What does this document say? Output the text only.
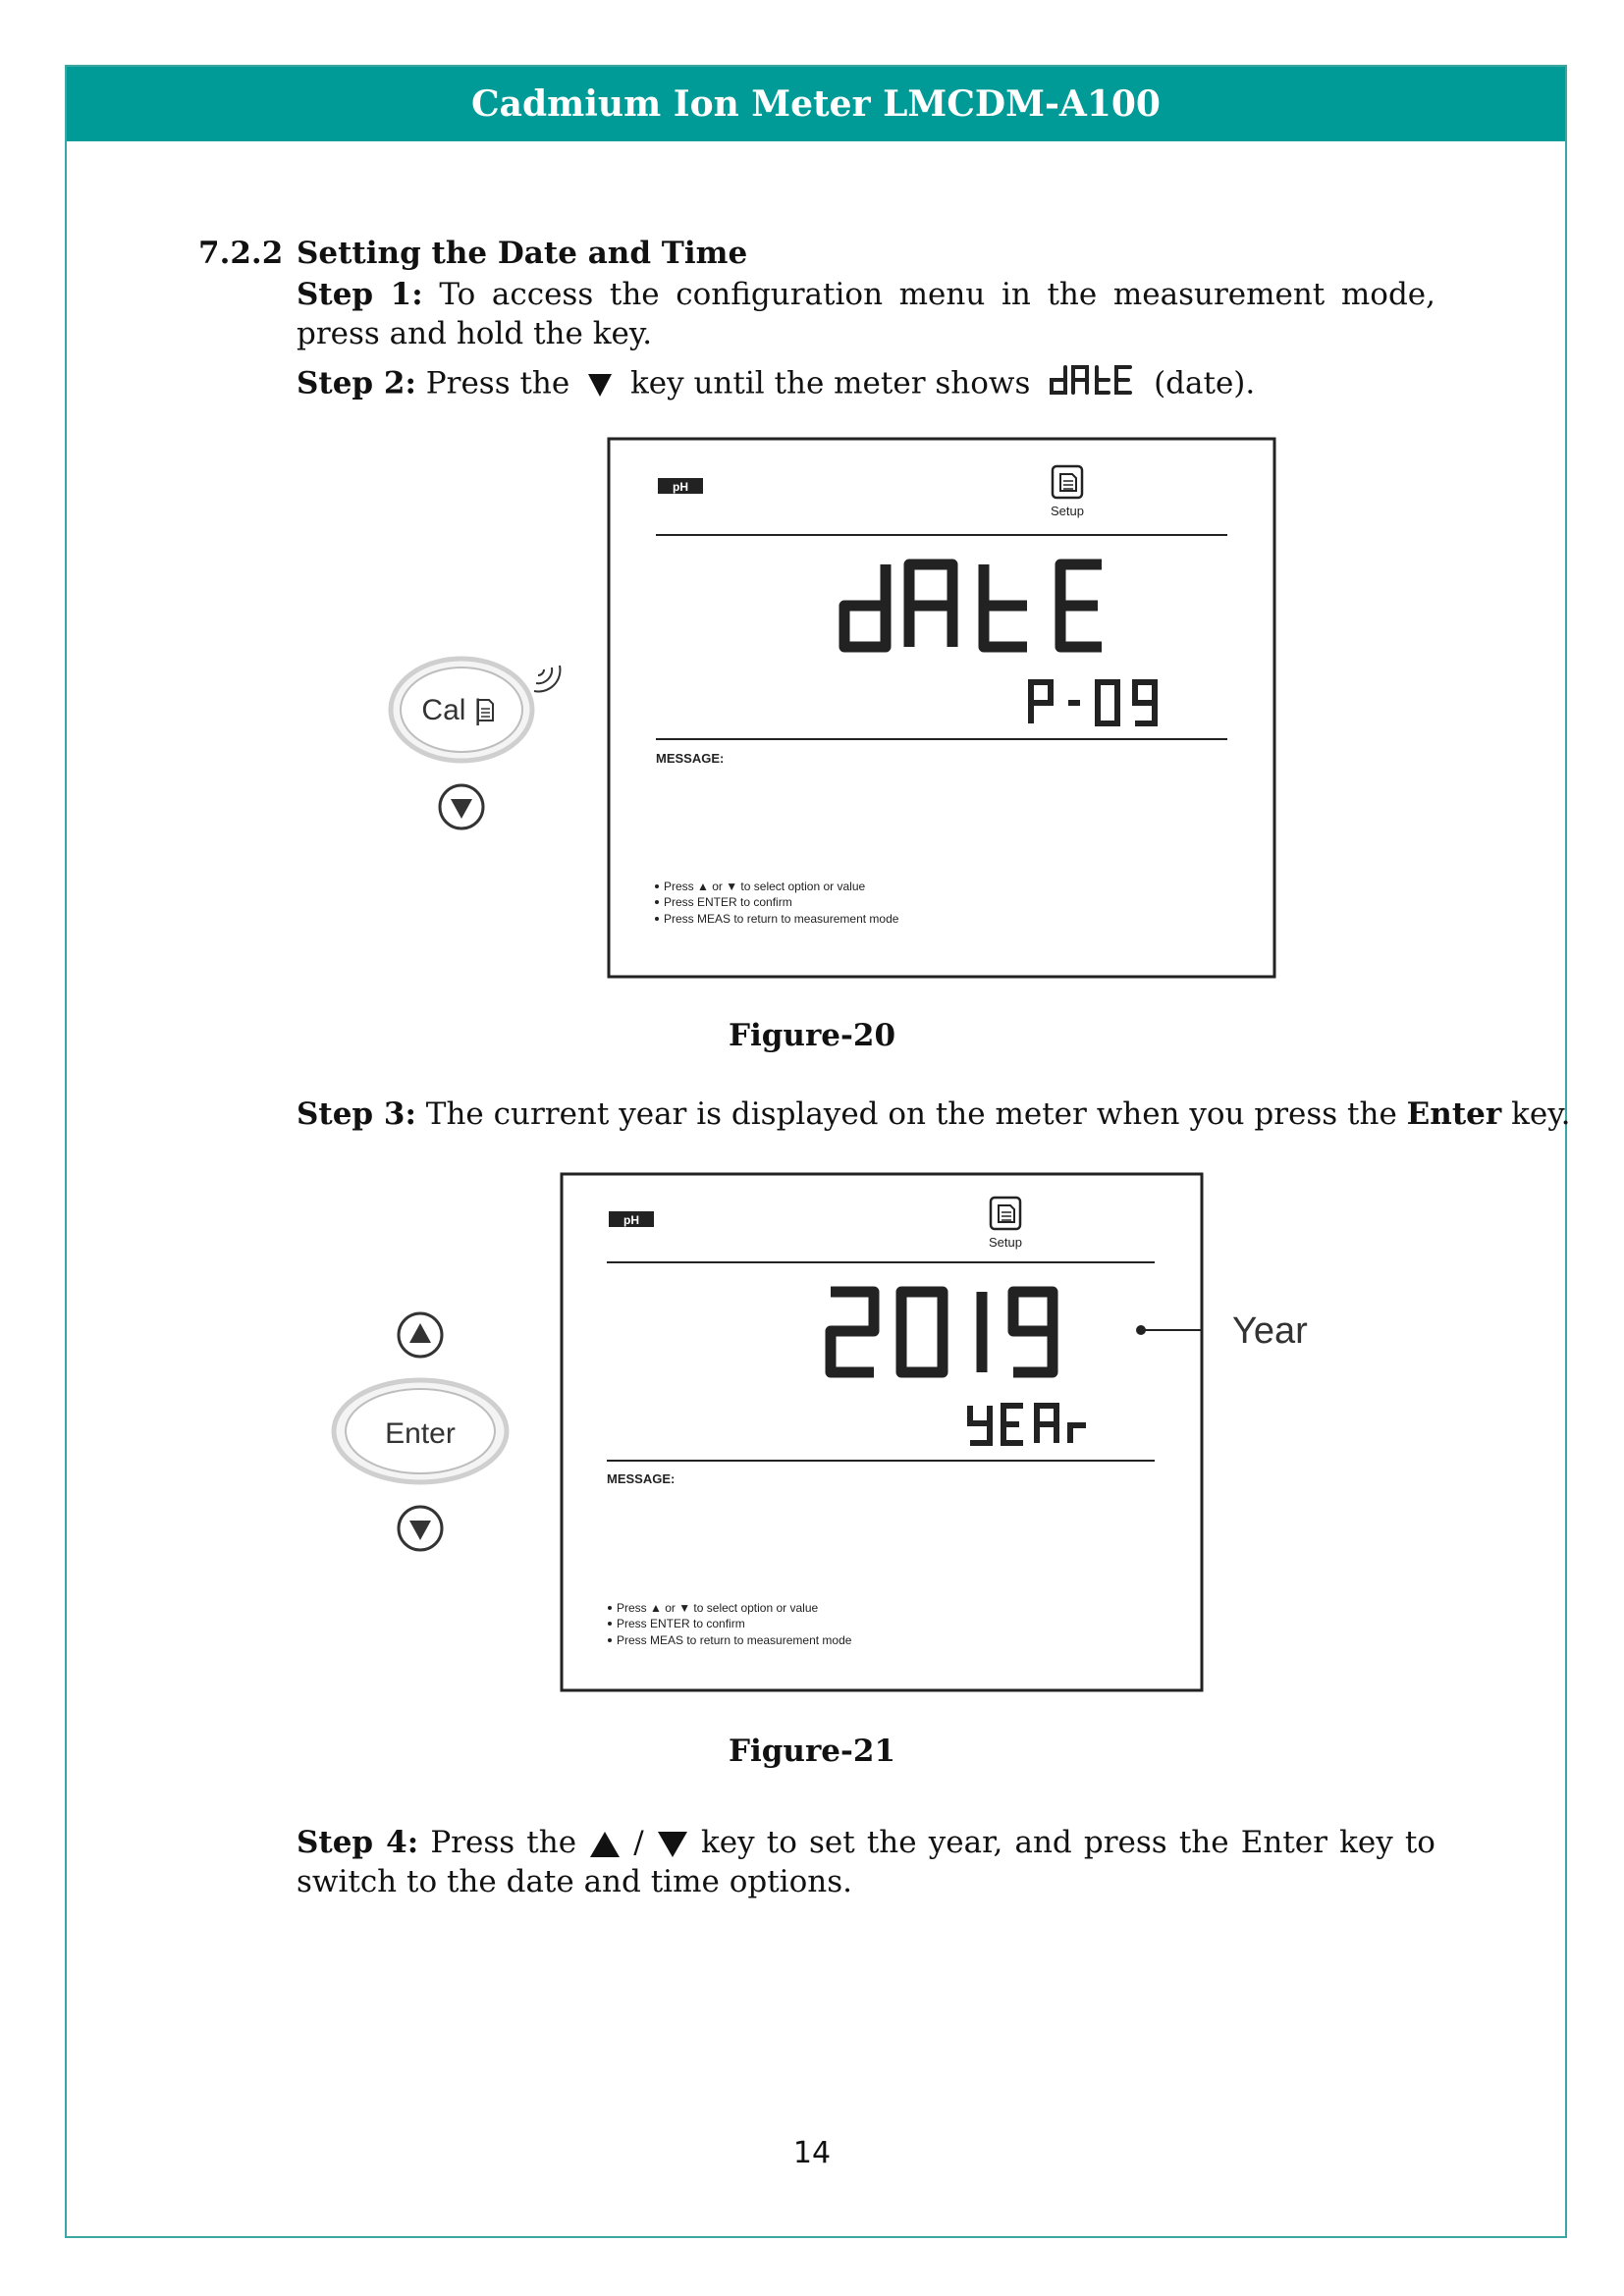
Cadmium Ion Meter LMCDM-A100
7.2.2 Setting the Date and Time
Step 1: To access the configuration menu in the measurement mode, press and hold the key.
Step 2: Press the key until the meter shows	(date).
pH
Setup
MESSAGE:
Press ▲ or ▼ to select option or value
Press ENTER to confirm
Press MEAS to return to measurement mode
Cal |
Figure-20
Step 3: The current year is displayed on the meter when you press the Enter key.
pH
Setup
Year
MESSAGE:
Press ▲ or ▼ to select option or value
Press ENTER to confirm
Press MEAS to return to measurement mode
Enter
Figure-21
Step 4: Press the / key to set the year, and press the Enter key to switch to the date and time options.
14
